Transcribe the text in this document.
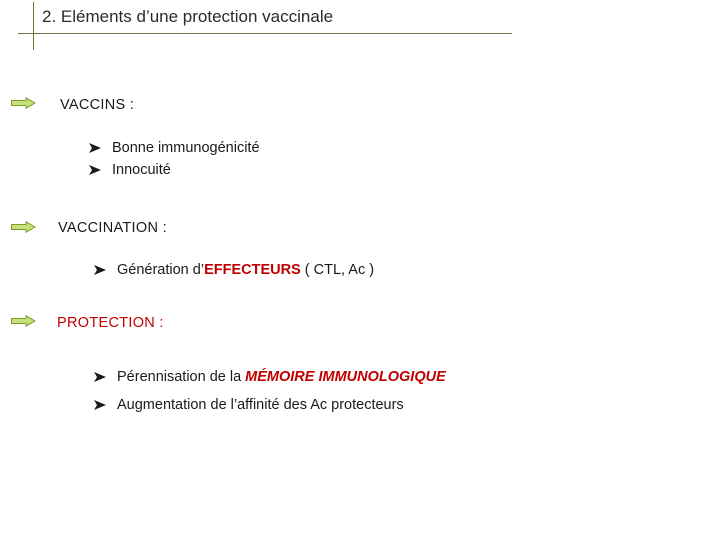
2. Eléments d’une protection vaccinale
VACCINS :
Bonne immunogénicité
Innocuité
VACCINATION :
Génération d’ EFFECTEURS ( CTL, Ac )
PROTECTION :
Pérennisation de la MÉMOIRE IMMUNOLOGIQUE
Augmentation de l’affinité des Ac protecteurs
